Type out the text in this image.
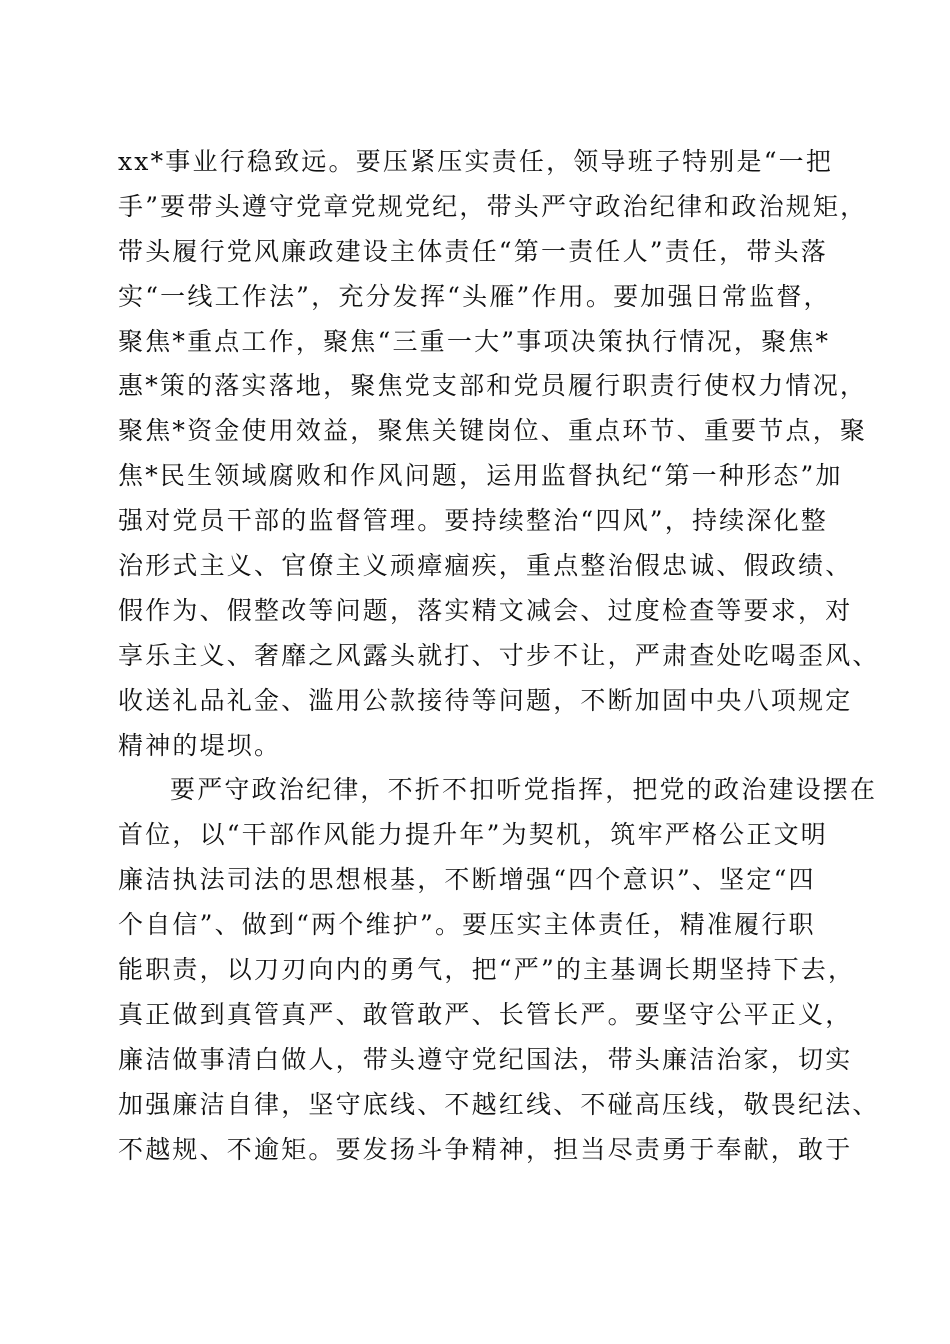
xx*事业行稳致远。要压紧压实责任，领导班子特别是“一把
手”要带头遵守党章党规党纪，带头严守政治纪律和政治规矩，
带头履行党风廉政建设主体责任“第一责任人”责任，带头落
实“一线工作法”，充分发挥“头雁”作用。要加强日常监督，
聚焦*重点工作，聚焦“三重一大”事项决策执行情况，聚焦*
惠*策的落实落地，聚焦党支部和党员履行职责行使权力情况，
聚焦*资金使用效益，聚焦关键岗位、重点环节、重要节点，聚
焦*民生领域腐败和作风问题，运用监督执纪“第一种形态”加
强对党员干部的监督管理。要持续整治“四风”，持续深化整
治形式主义、官僚主义顽瘴痼疾，重点整治假忠诚、假政绩、
假作为、假整改等问题，落实精文减会、过度检查等要求，对
享乐主义、奢靡之风露头就打、寸步不让，严肃查处吃喝歪风、
收送礼品礼金、滥用公款接待等问题，不断加固中央八项规定
精神的堤坝。
要严守政治纪律，不折不扣听党指挥，把党的政治建设摆在
首位，以“干部作风能力提升年”为契机，筑牢严格公正文明
廉洁执法司法的思想根基，不断增强“四个意识”、坚定“四
个自信”、做到“两个维护”。要压实主体责任，精准履行职
能职责，以刀刃向内的勇气，把“严”的主基调长期坚持下去，
真正做到真管真严、敢管敢严、长管长严。要坚守公平正义，
廉洁做事清白做人，带头遵守党纪国法，带头廉洁治家，切实
加强廉洁自律，坚守底线、不越红线、不碰高压线，敬畏纪法、
不越规、不逾矩。要发扬斗争精神，担当尽责勇于奉献，敢于
